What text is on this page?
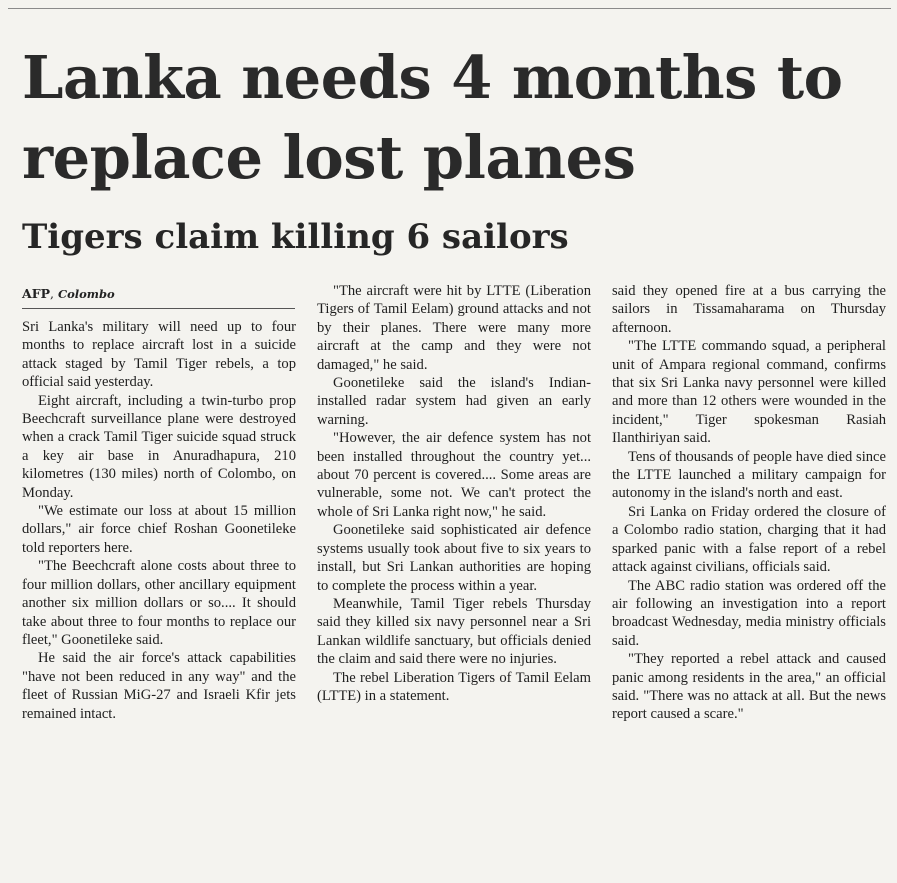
Lanka needs 4 months to replace lost planes
Tigers claim killing 6 sailors
AFP, Colombo

Sri Lanka's military will need up to four months to replace aircraft lost in a suicide attack staged by Tamil Tiger rebels, a top official said yesterday.

Eight aircraft, including a twin-turbo prop Beechcraft surveillance plane were destroyed when a crack Tamil Tiger suicide squad struck a key air base in Anuradhapura, 210 kilometres (130 miles) north of Colombo, on Monday.

"We estimate our loss at about 15 million dollars," air force chief Roshan Goonetileke told reporters here.

"The Beechcraft alone costs about three to four million dollars, other ancillary equipment another six million dollars or so.... It should take about three to four months to replace our fleet," Goonetileke said.

He said the air force's attack capabilities "have not been reduced in any way" and the fleet of Russian MiG-27 and Israeli Kfir jets remained intact.

"The aircraft were hit by LTTE (Liberation Tigers of Tamil Eelam) ground attacks and not by their planes. There were many more aircraft at the camp and they were not damaged," he said.

Goonetileke said the island's Indian-installed radar system had given an early warning.

"However, the air defence system has not been installed throughout the country yet... about 70 percent is covered.... Some areas are vulnerable, some not. We can't protect the whole of Sri Lanka right now," he said.

Goonetileke said sophisticated air defence systems usually took about five to six years to install, but Sri Lankan authorities are hoping to complete the process within a year.

Meanwhile, Tamil Tiger rebels Thursday said they killed six navy personnel near a Sri Lankan wildlife sanctuary, but officials denied the claim and said there were no injuries.

The rebel Liberation Tigers of Tamil Eelam (LTTE) in a statement.

said they opened fire at a bus carrying the sailors in Tissamaharama on Thursday afternoon.

"The LTTE commando squad, a peripheral unit of Ampara regional command, confirms that six Sri Lanka navy personnel were killed and more than 12 others were wounded in the incident," Tiger spokesman Rasiah Ilanthiriyan said.

Tens of thousands of people have died since the LTTE launched a military campaign for autonomy in the island's north and east.

Sri Lanka on Friday ordered the closure of a Colombo radio station, charging that it had sparked panic with a false report of a rebel attack against civilians, officials said.

The ABC radio station was ordered off the air following an investigation into a report broadcast Wednesday, media ministry officials said.

"They reported a rebel attack and caused panic among residents in the area," an official said. "There was no attack at all. But the news report caused a scare."
